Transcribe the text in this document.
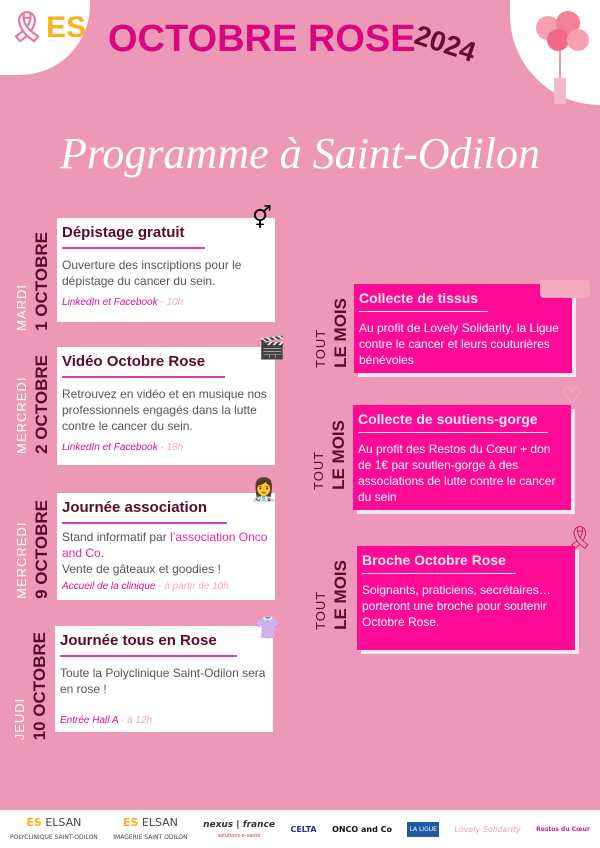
🎗ES OCTOBRE ROSE
2024
Programme à Saint-Odilon
MARDI 1 OCTOBRE Dépistage gratuit

Ouverture des inscriptions pour le dépistage du cancer du sein.

LinkedIn et Facebook - 10h
⚥
MERCREDI 2 OCTOBRE Vidéo Octobre Rose

Retrouvez en vidéo et en musique nos professionnels engagés dans la lutte contre le cancer du sein.

LinkedIn et Facebook - 18h
🎬
MERCREDI 9 OCTOBRE Journée association

Stand informatif par l’association Onco and Co.
Vente de gâteaux et goodies !

Accueil de la clinique - à partir de 10h
👩‍⚕️
JEUDI 10 OCTOBRE Journée tous en Rose

Toute la Polyclinique Saint-Odilon sera en rose !

Entrée Hall A - à 12h
👚
TOUT LE MOIS Collecte de tissus

Au profit de Lovely Solidarity, la Ligue contre le cancer et leurs couturières bénévoles

TOUT LE MOIS
Collecte de soutiens-gorge

Au profit des Restos du Cœur + don de 1€ par soutien-gorge à des associations de lutte contre le cancer du sein

♡
TOUT LE MOIS Broche Octobre Rose

Soignants, praticiens, secrétaires… porteront une broche pour soutenir Octobre Rose.

🎗
ES ELSAN
POLYCLINIQUE SAINT-ODILON
ES ELSAN
IMAGERIE SAINT ODILON
nexus | france
solutions e-santé
CELTA ONCO and Co	LA LIGUE Lovely Solidarity	Restos du Cœur
